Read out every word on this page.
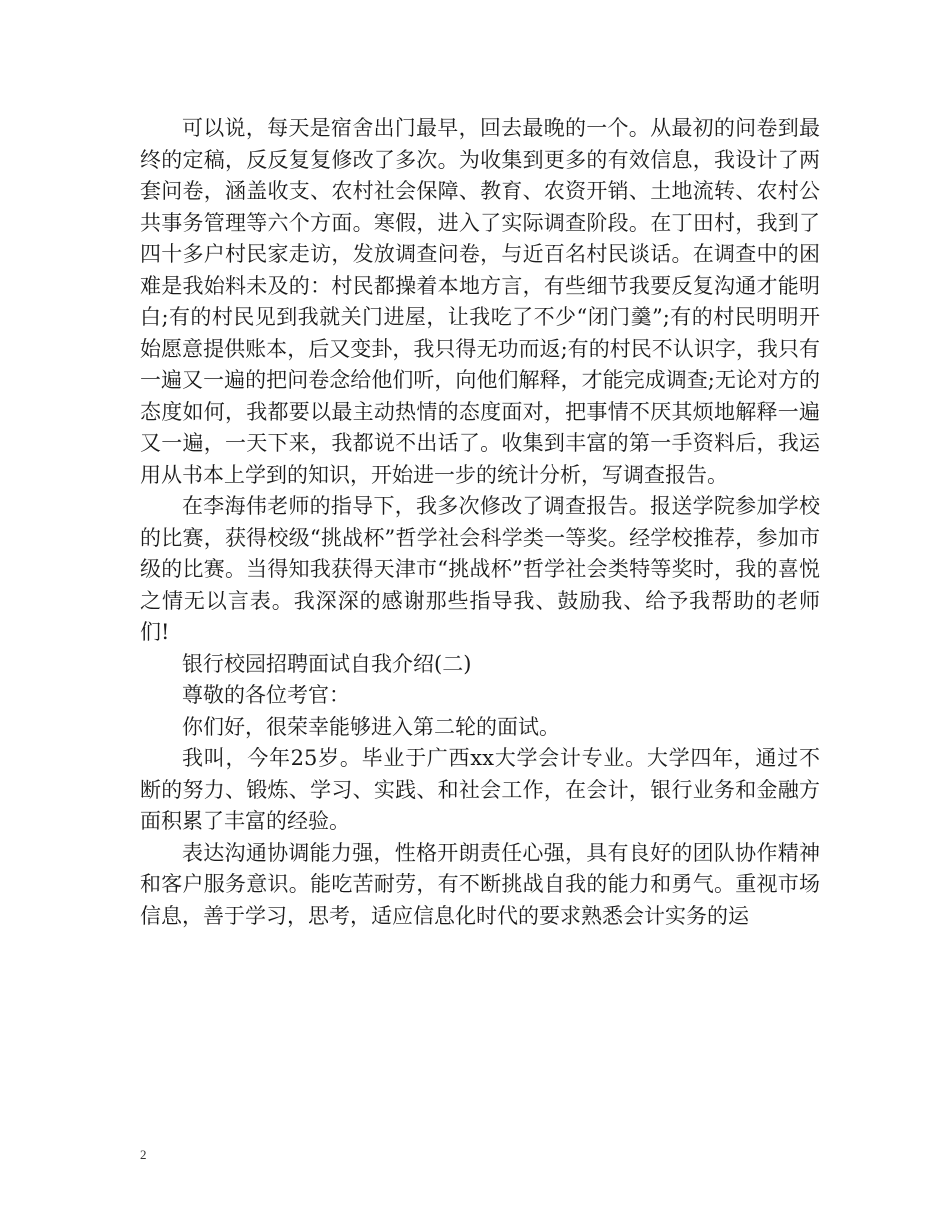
可以说，每天是宿舍出门最早，回去最晚的一个。从最初的问卷到最终的定稿，反反复复修改了多次。为收集到更多的有效信息，我设计了两套问卷，涵盖收支、农村社会保障、教育、农资开销、土地流转、农村公共事务管理等六个方面。寒假，进入了实际调查阶段。在丁田村，我到了四十多户村民家走访，发放调查问卷，与近百名村民谈话。在调查中的困难是我始料未及的：村民都操着本地方言，有些细节我要反复沟通才能明白;有的村民见到我就关门进屋，让我吃了不少“闭门羹”;有的村民明明开始愿意提供账本，后又变卦，我只得无功而返;有的村民不认识字，我只有一遍又一遍的把问卷念给他们听，向他们解释，才能完成调查;无论对方的态度如何，我都要以最主动热情的态度面对，把事情不厌其烦地解释一遍又一遍，一天下来，我都说不出话了。收集到丰富的第一手资料后，我运用从书本上学到的知识，开始进一步的统计分析，写调查报告。

在李海伟老师的指导下，我多次修改了调查报告。报送学院参加学校的比赛，获得校级“挑战杯”哲学社会科学类一等奖。经学校推荐，参加市级的比赛。当得知我获得天津市“挑战杯”哲学社会类特等奖时，我的喜悦之情无以言表。我深深的感谢那些指导我、鼓励我、给予我帮助的老师们!

银行校园招聘面试自我介绍(二)

尊敬的各位考官：

你们好，很荣幸能够进入第二轮的面试。

我叫，今年25岁。毕业于广西xx大学会计专业。大学四年，通过不断的努力、锻炼、学习、实践、和社会工作，在会计，银行业务和金融方面积累了丰富的经验。

表达沟通协调能力强，性格开朗责任心强，具有良好的团队协作精神和客户服务意识。能吃苦耐劳，有不断挑战自我的能力和勇气。重视市场信息，善于学习，思考，适应信息化时代的要求熟悉会计实务的运

2
